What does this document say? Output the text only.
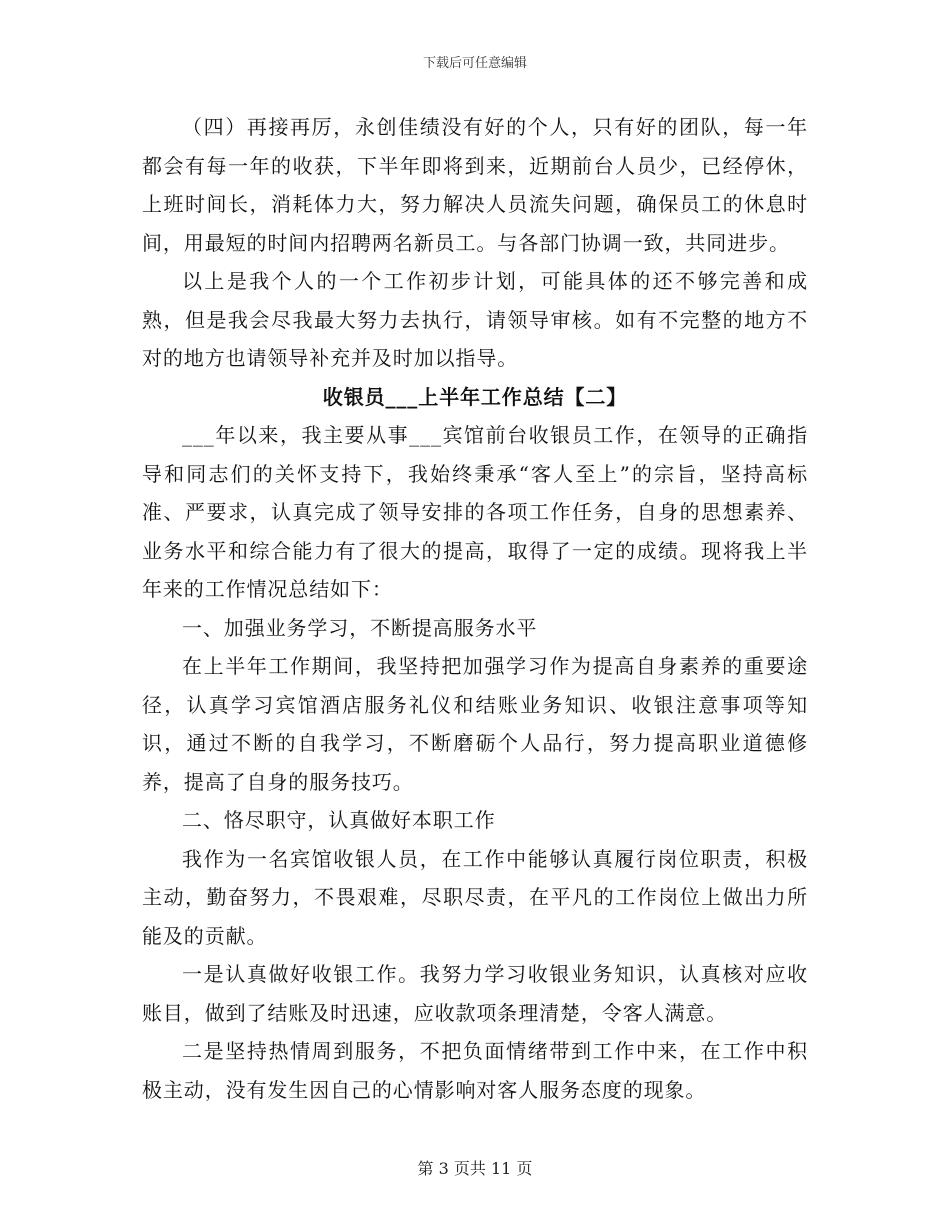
下载后可任意编辑

（四）再接再厉，永创佳绩没有好的个人，只有好的团队，每一年都会有每一年的收获，下半年即将到来，近期前台人员少，已经停休，上班时间长，消耗体力大，努力解决人员流失问题，确保员工的休息时间，用最短的时间内招聘两名新员工。与各部门协调一致，共同进步。

以上是我个人的一个工作初步计划，可能具体的还不够完善和成熟，但是我会尽我最大努力去执行，请领导审核。如有不完整的地方不对的地方也请领导补充并及时加以指导。

收银员___上半年工作总结【二】

___年以来，我主要从事___宾馆前台收银员工作，在领导的正确指导和同志们的关怀支持下，我始终秉承“客人至上”的宗旨，坚持高标准、严要求，认真完成了领导安排的各项工作任务，自身的思想素养、业务水平和综合能力有了很大的提高，取得了一定的成绩。现将我上半年来的工作情况总结如下：

一、加强业务学习，不断提高服务水平

在上半年工作期间，我坚持把加强学习作为提高自身素养的重要途径，认真学习宾馆酒店服务礼仪和结账业务知识、收银注意事项等知识，通过不断的自我学习，不断磨砺个人品行，努力提高职业道德修养，提高了自身的服务技巧。

二、恪尽职守，认真做好本职工作

我作为一名宾馆收银人员，在工作中能够认真履行岗位职责，积极主动，勤奋努力，不畏艰难，尽职尽责，在平凡的工作岗位上做出力所能及的贡献。

一是认真做好收银工作。我努力学习收银业务知识，认真核对应收账目，做到了结账及时迅速，应收款项条理清楚，令客人满意。

二是坚持热情周到服务，不把负面情绪带到工作中来，在工作中积极主动，没有发生因自己的心情影响对客人服务态度的现象。

第 3 页共 11 页
